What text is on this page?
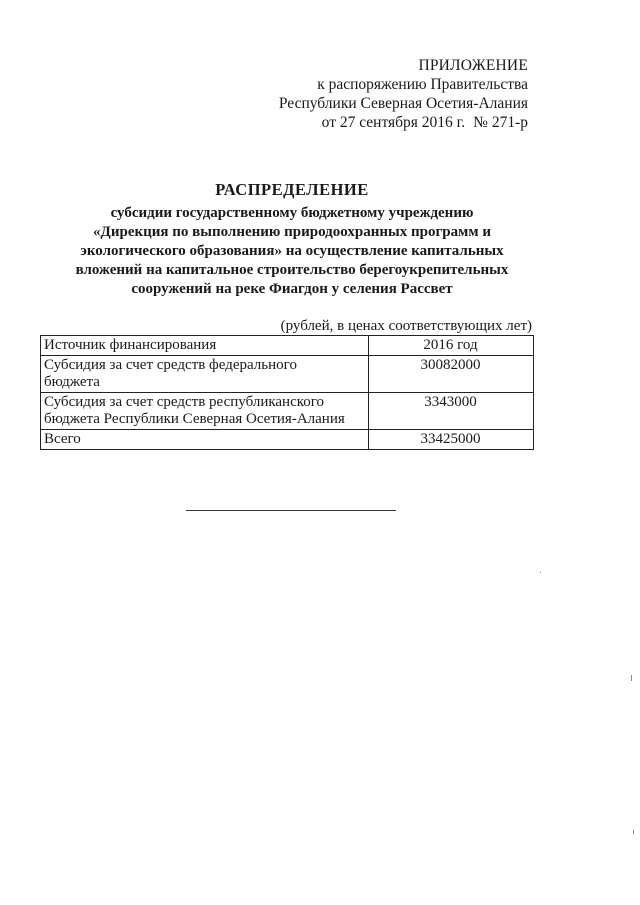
ПРИЛОЖЕНИЕ
к распоряжению Правительства
Республики Северная Осетия-Алания
от 27 сентября 2016 г. № 271-р
РАСПРЕДЕЛЕНИЕ
субсидии государственному бюджетному учреждению
«Дирекция по выполнению природоохранных программ и
экологического образования» на осуществление капитальных
вложений на капитальное строительство берегоукрепительных
сооружений на реке Фиагдон у селения Рассвет
(рублей, в ценах соответствующих лет)
Источник финансирования	2016 год
Субсидия за счет средств федерального
бюджета	30082000
Субсидия за счет средств республиканского
бюджета Республики Северная Осетия-Алания	3343000
Всего	33425000
